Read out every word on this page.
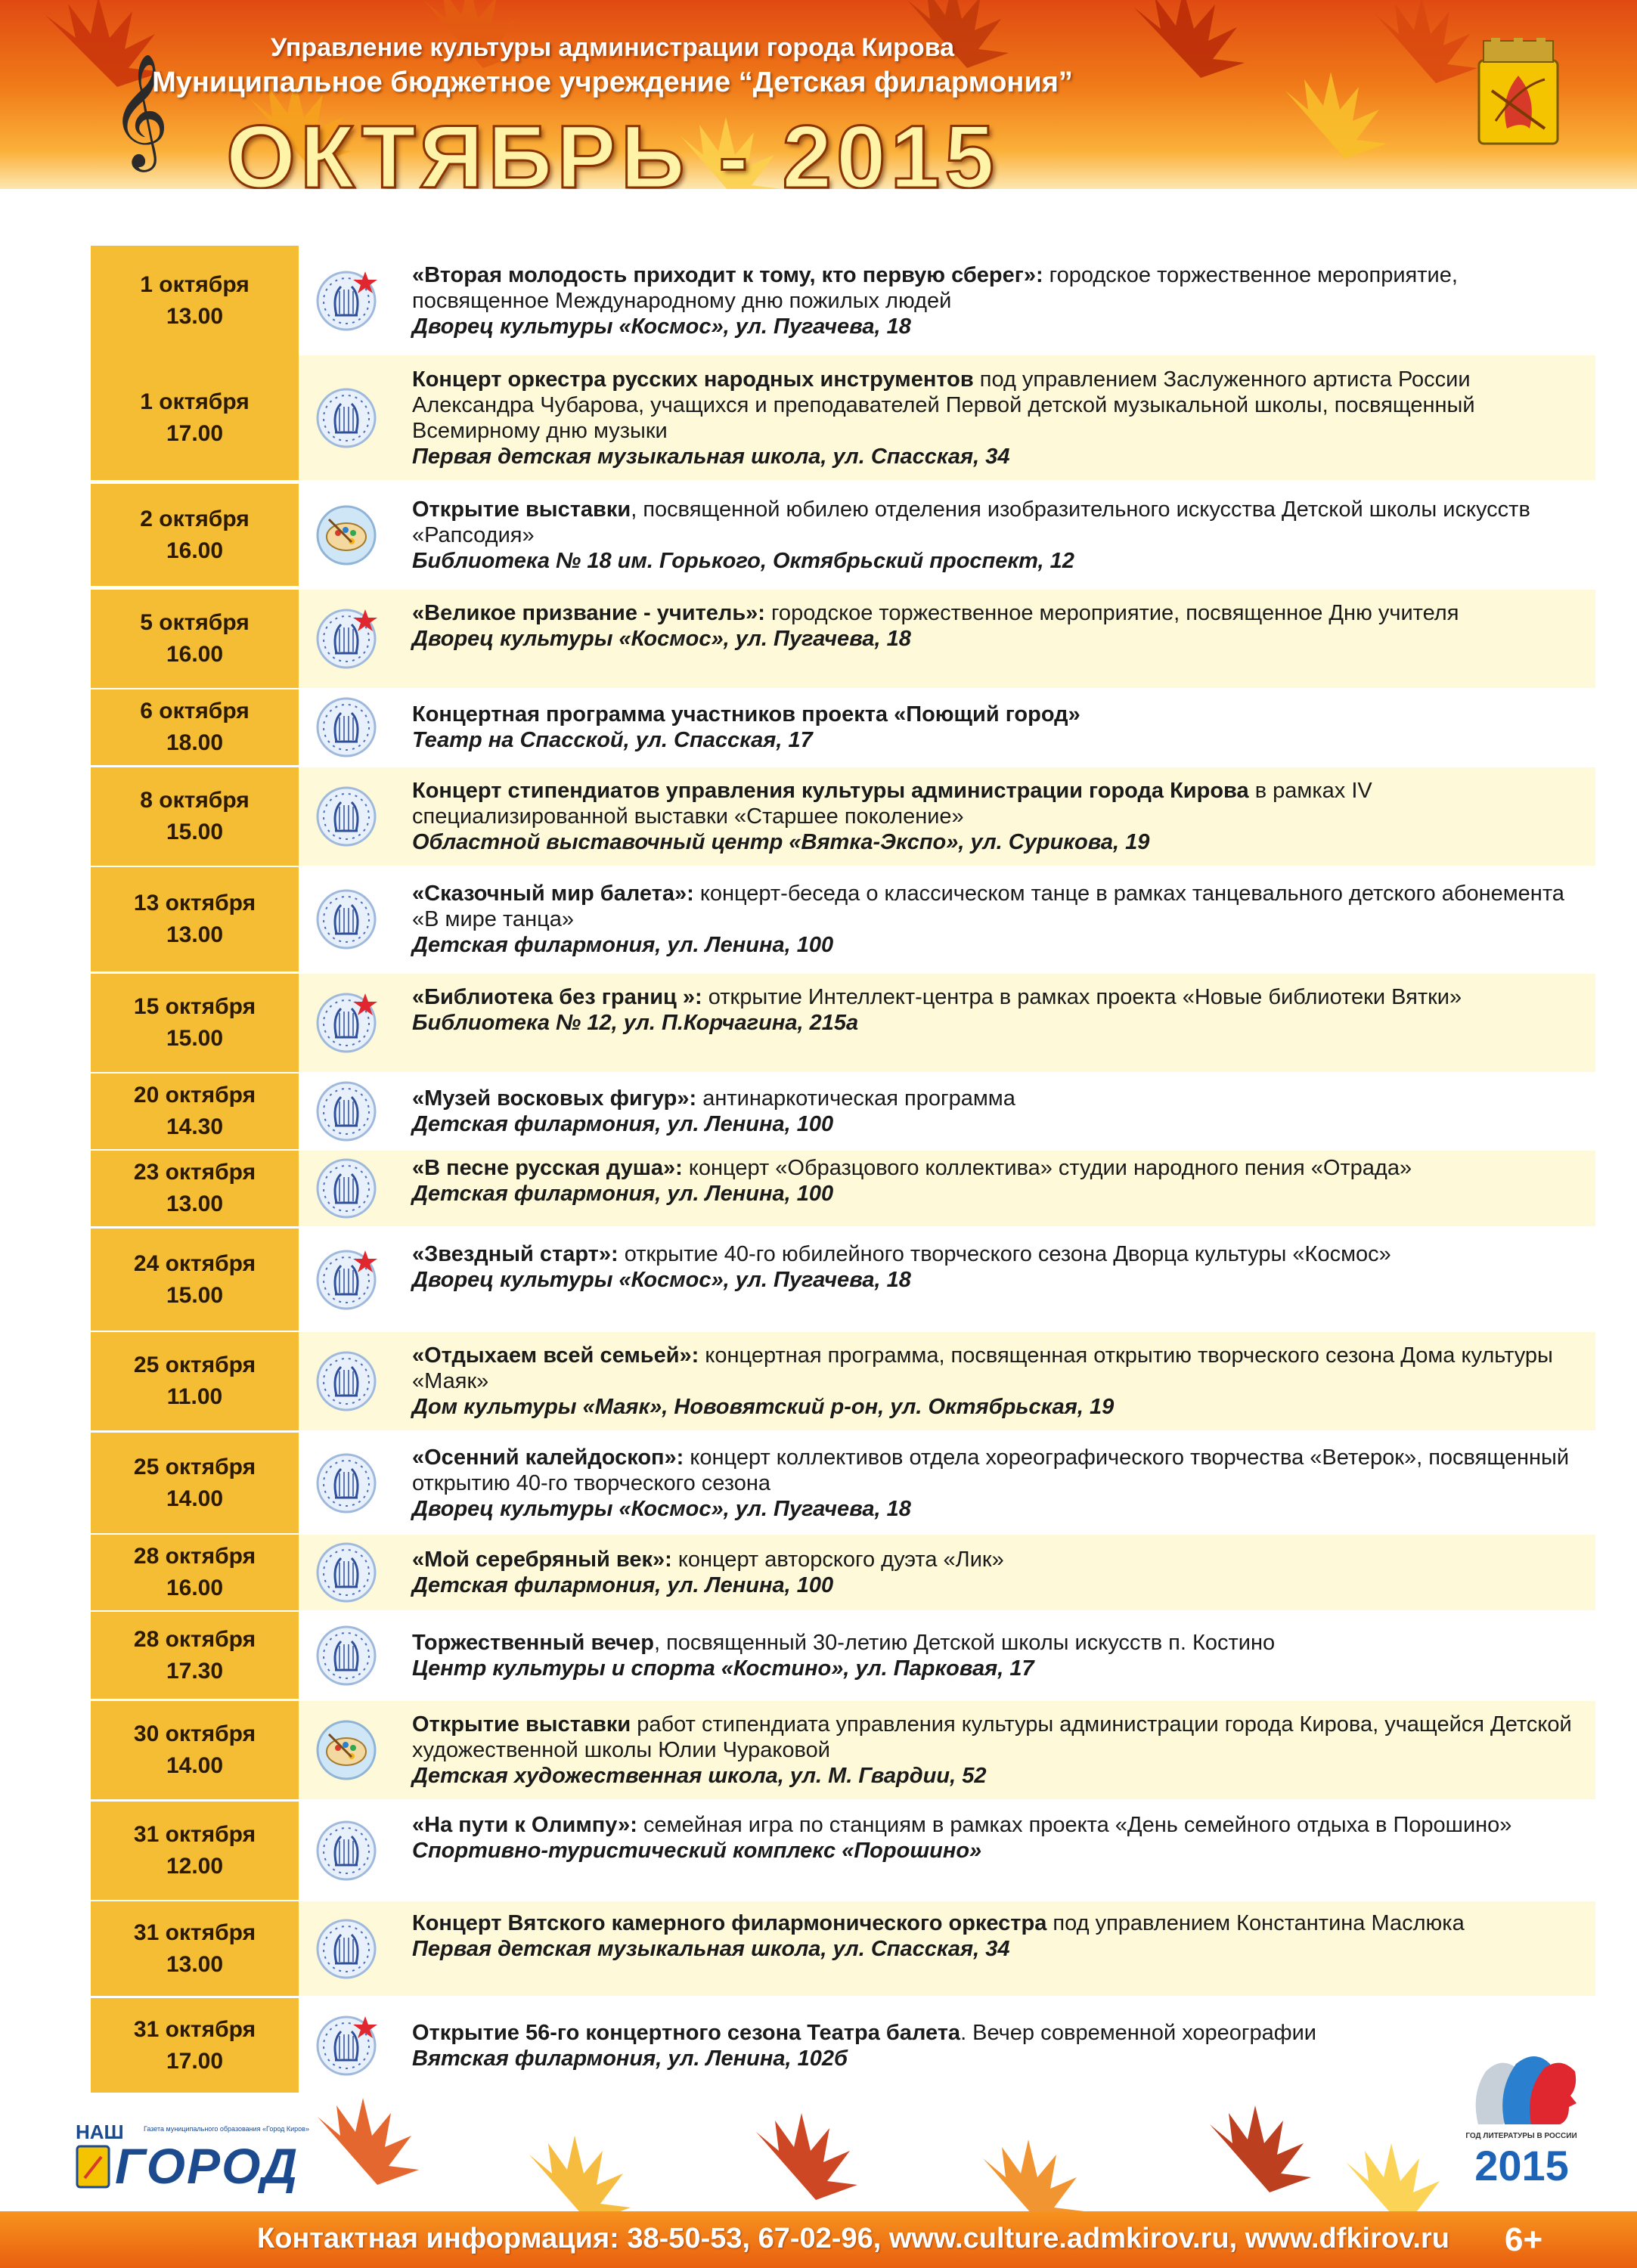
𝄞
Управление культуры администрации города Кирова
Муниципальное бюджетное учреждение “Детская филармония”
ОКТЯБРЬ - 2015
1 октября
13.00
«Вторая молодость приходит к тому, кто первую сберег»: городское торжественное мероприятие, посвященное Международному дню пожилых людей
Дворец культуры «Космос», ул. Пугачева, 18
1 октября
17.00
Концерт оркестра русских народных инструментов под управлением Заслуженного артиста России Александра Чубарова, учащихся и преподавателей Первой детской музыкальной школы, посвященный Всемирному дню музыки
Первая детская музыкальная школа, ул. Спасская, 34
2 октября
16.00
Открытие выставки, посвященной юбилею отделения изобразительного искусства Детской школы искусств «Рапсодия»
Библиотека № 18 им. Горького, Октябрьский проспект, 12
5 октября
16.00
«Великое призвание - учитель»: городское торжественное мероприятие, посвященное Дню учителя
Дворец культуры «Космос», ул. Пугачева, 18
6 октября
18.00
Концертная программа участников проекта «Поющий город»
Театр на Спасской, ул. Спасская, 17
8 октября
15.00
Концерт стипендиатов управления культуры администрации города Кирова в рамках IV специализированной выставки «Старшее поколение»
Областной выставочный центр «Вятка-Экспо», ул. Сурикова, 19
13 октября
13.00
«Сказочный мир балета»: концерт-беседа о классическом танце в рамках танцевального детского абонемента «В мире танца»
Детская филармония, ул. Ленина, 100
15 октября
15.00
«Библиотека без границ »: открытие Интеллект-центра в рамках проекта «Новые библиотеки Вятки»
Библиотека № 12, ул. П.Корчагина, 215а
20 октября
14.30
«Музей восковых фигур»: антинаркотическая программа
Детская филармония, ул. Ленина, 100
23 октября
13.00
«В песне русская душа»: концерт «Образцового коллектива» студии народного пения «Отрада»
Детская филармония, ул. Ленина, 100
24 октября
15.00
«Звездный старт»: открытие 40-го юбилейного творческого сезона Дворца культуры «Космос»
Дворец культуры «Космос», ул. Пугачева, 18
25 октября
11.00
«Отдыхаем всей семьей»: концертная программа, посвященная открытию творческого сезона Дома культуры «Маяк»
Дом культуры «Маяк», Нововятский р-он, ул. Октябрьская, 19
25 октября
14.00
«Осенний калейдоскоп»: концерт коллективов отдела хореографического творчества «Ветерок», посвященный открытию 40-го творческого сезона
Дворец культуры «Космос», ул. Пугачева, 18
28 октября
16.00
«Мой серебряный век»: концерт авторского дуэта «Лик»
Детская филармония, ул. Ленина, 100
28 октября
17.30
Торжественный вечер, посвященный 30-летию Детской школы искусств п. Костино
Центр культуры и спорта «Костино», ул. Парковая, 17
30 октября
14.00
Открытие выставки работ стипендиата управления культуры администрации города Кирова, учащейся Детской художественной школы Юлии Чураковой
Детская художественная школа, ул. М. Гвардии, 52
31 октября
12.00
«На пути к Олимпу»: семейная игра по станциям в рамках проекта «День семейного отдыха в Порошино»
Спортивно-туристический комплекс «Порошино»
31 октября
13.00
Концерт Вятского камерного филармонического оркестра под управлением Константина Маслюка
Первая детская музыкальная школа, ул. Спасская, 34
31 октября
17.00
Открытие 56-го концертного сезона Театра балета. Вечер современной хореографии
Вятская филармония, ул. Ленина, 102б
НАШ	Газета муниципального образования «Город Киров»
ГОРОД
ГОД ЛИТЕРАТУРЫ В РОССИИ
2015
Контактная информация: 38-50-53, 67-02-96, www.culture.admkirov.ru, www.dfkirov.ru 6+
